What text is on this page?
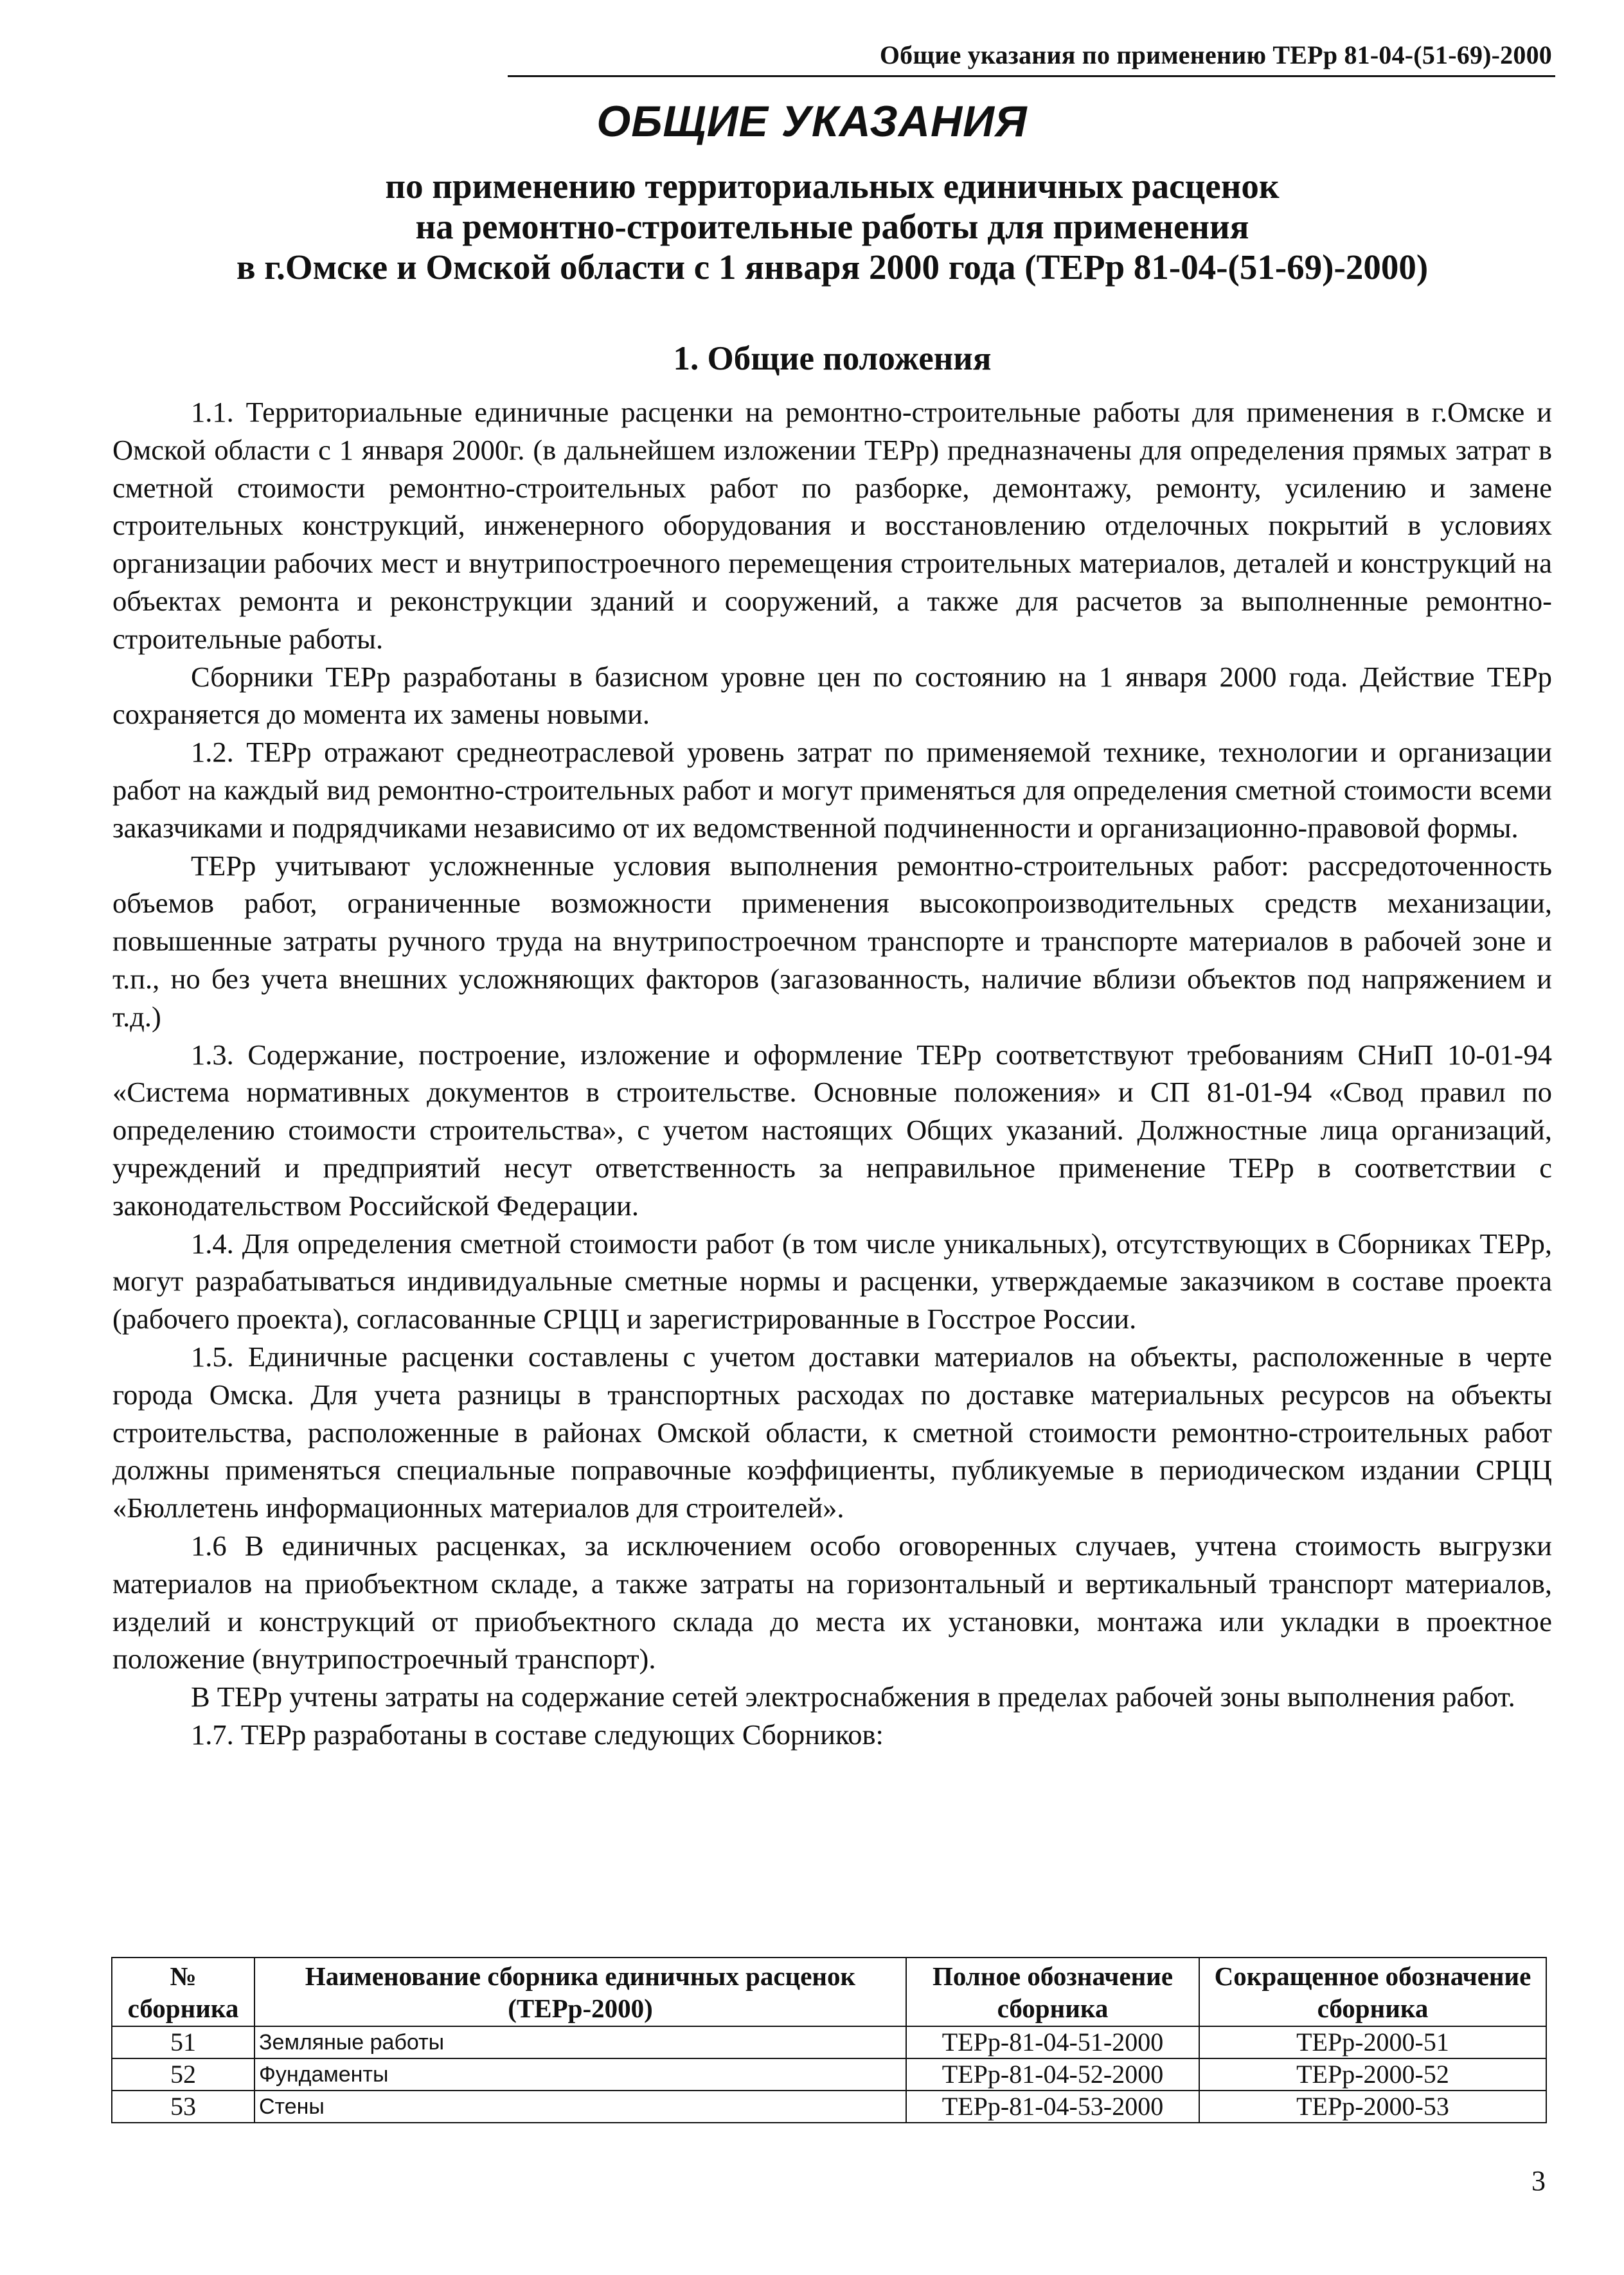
Общие указания по применению ТЕРр 81-04-(51-69)-2000
ОБЩИЕ УКАЗАНИЯ
по применению территориальных единичных расценок
на ремонтно-строительные работы для применения
в г.Омске и Омской области с 1 января 2000 года (ТЕРр 81-04-(51-69)-2000)
1. Общие положения

1.1. Территориальные единичные расценки на ремонтно-строительные работы для применения в г.Омске и Омской области с 1 января 2000г. (в дальнейшем изложении ТЕРр) предназначены для определения прямых затрат в сметной стоимости ремонтно-строительных работ по разборке, демонтажу, ремонту, усилению и замене строительных конструкций, инженерного оборудования и восстановлению отделочных покрытий в условиях организации рабочих мест и внутрипостроечного перемещения строительных материалов, деталей и конструкций на объектах ремонта и реконструкции зданий и сооружений, а также для расчетов за выполненные ремонтно-строительные работы.

Сборники ТЕРр разработаны в базисном уровне цен по состоянию на 1 января 2000 года. Действие ТЕРр сохраняется до момента их замены новыми.

1.2. ТЕРр отражают среднеотраслевой уровень затрат по применяемой технике, технологии и организации работ на каждый вид ремонтно-строительных работ и могут применяться для определения сметной стоимости всеми заказчиками и подрядчиками независимо от их ведомственной подчиненности и организационно-правовой формы.

ТЕРр учитывают усложненные условия выполнения ремонтно-строительных работ: рассредоточенность объемов работ, ограниченные возможности применения высокопроизводительных средств механизации, повышенные затраты ручного труда на внутрипостроечном транспорте и транспорте материалов в рабочей зоне и т.п., но без учета внешних усложняющих факторов (загазованность, наличие вблизи объектов под напряжением и т.д.)

1.3. Содержание, построение, изложение и оформление ТЕРр соответствуют требованиям СНиП 10-01-94 «Система нормативных документов в строительстве. Основные положения» и СП 81-01-94 «Свод правил по определению стоимости строительства», с учетом настоящих Общих указаний. Должностные лица организаций, учреждений и предприятий несут ответственность за неправильное применение ТЕРр в соответствии с законодательством Российской Федерации.

1.4. Для определения сметной стоимости работ (в том числе уникальных), отсутствующих в Сборниках ТЕРр, могут разрабатываться индивидуальные сметные нормы и расценки, утверждаемые заказчиком в составе проекта (рабочего проекта), согласованные СРЦЦ и зарегистрированные в Госстрое России.

1.5. Единичные расценки составлены с учетом доставки материалов на объекты, расположенные в черте города Омска. Для учета разницы в транспортных расходах по доставке материальных ресурсов на объекты строительства, расположенные в районах Омской области, к сметной стоимости ремонтно-строительных работ должны применяться специальные поправочные коэффициенты, публикуемые в периодическом издании СРЦЦ «Бюллетень информационных материалов для строителей».

1.6 В единичных расценках, за исключением особо оговоренных случаев, учтена стоимость выгрузки материалов на приобъектном складе, а также затраты на горизонтальный и вертикальный транспорт материалов, изделий и конструкций от приобъектного склада до места их установки, монтажа или укладки в проектное положение (внутрипостроечный транспорт).

В ТЕРр учтены затраты на содержание сетей электроснабжения в пределах рабочей зоны выполнения работ.

1.7. ТЕРр разработаны в составе следующих Сборников:

№ сборника	Наименование сборника единичных расценок (ТЕРр-2000)	Полное обозначение сборника	Сокращенное обозначение сборника
51	Земляные работы	ТЕРр-81-04-51-2000	ТЕРр-2000-51
52	Фундаменты	ТЕРр-81-04-52-2000	ТЕРр-2000-52
53	Стены	ТЕРр-81-04-53-2000	ТЕРр-2000-53
3
